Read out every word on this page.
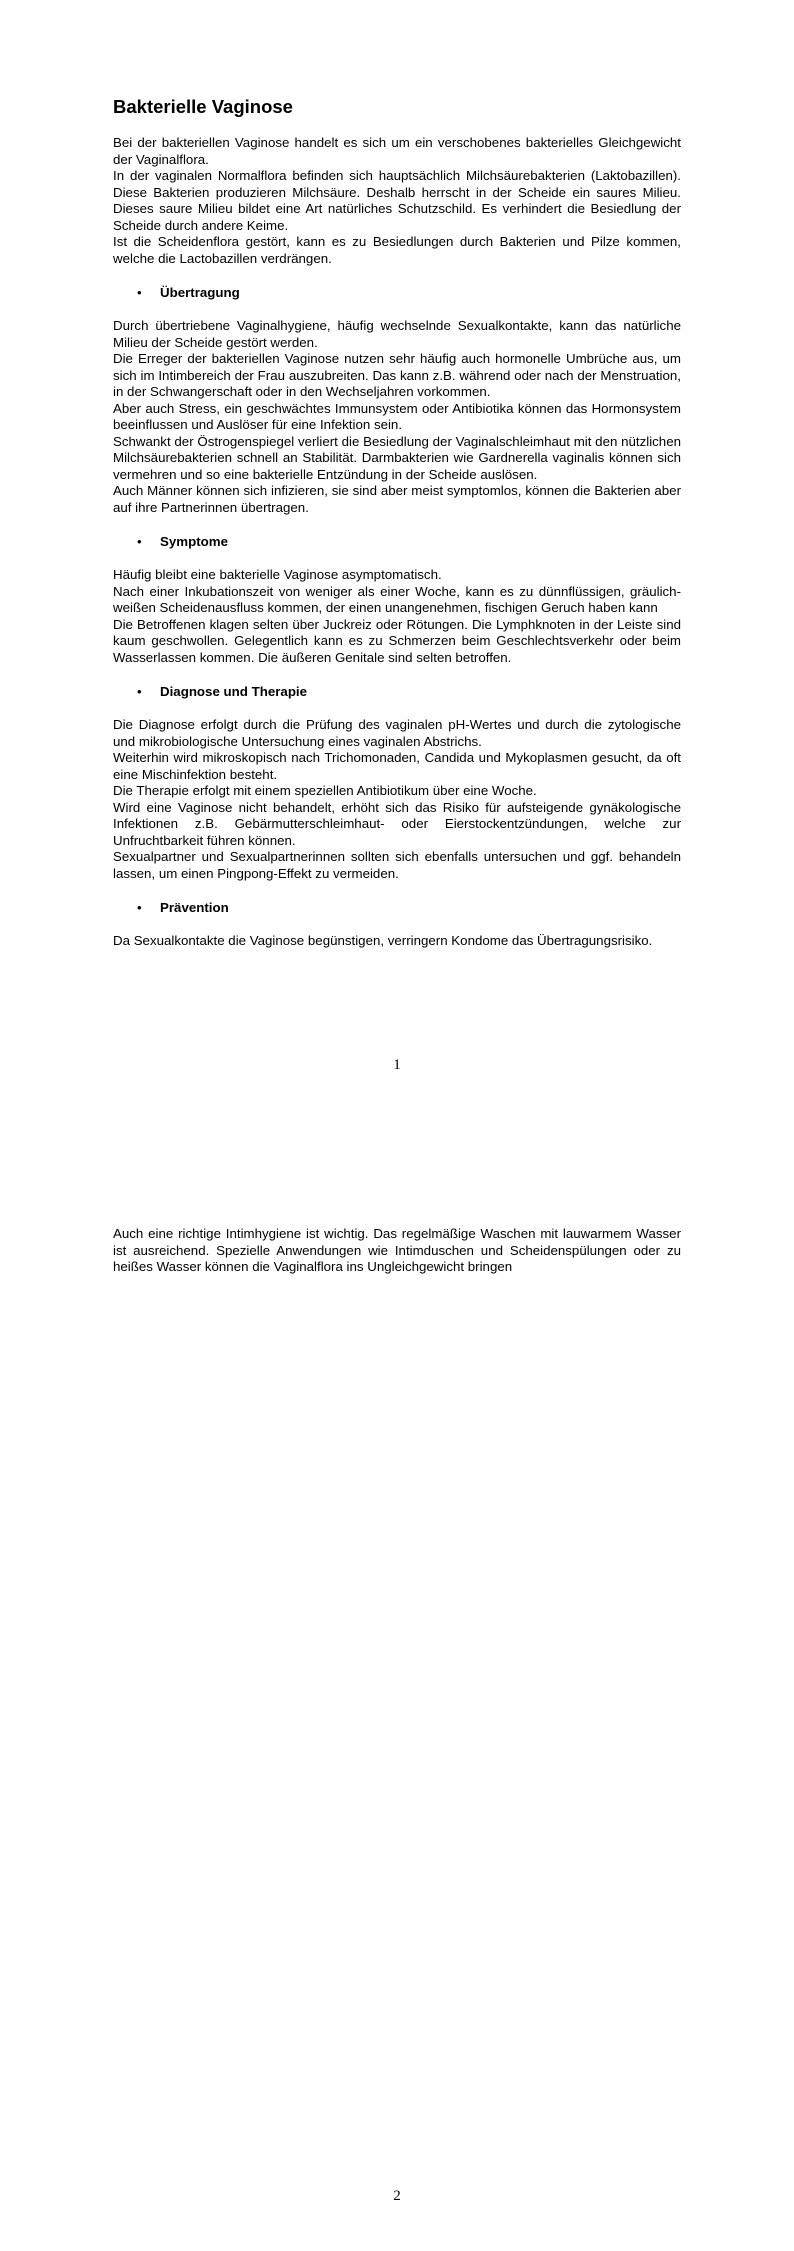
Bakterielle Vaginose

Bei der bakteriellen Vaginose handelt es sich um ein verschobenes bakterielles Gleichgewicht der Vaginalflora.

In der vaginalen Normalflora befinden sich hauptsächlich Milchsäurebakterien (Laktobazillen). Diese Bakterien produzieren Milchsäure. Deshalb herrscht in der Scheide ein saures Milieu. Dieses saure Milieu bildet eine Art natürliches Schutzschild. Es verhindert die Besiedlung der Scheide durch andere Keime.

Ist die Scheidenflora gestört, kann es zu Besiedlungen durch Bakterien und Pilze kommen, welche die Lactobazillen verdrängen.

• Übertragung

Durch übertriebene Vaginalhygiene, häufig wechselnde Sexualkontakte, kann das natürliche Milieu der Scheide gestört werden.

Die Erreger der bakteriellen Vaginose nutzen sehr häufig auch hormonelle Umbrüche aus, um sich im Intimbereich der Frau auszubreiten. Das kann z.B. während oder nach der Menstruation, in der Schwangerschaft oder in den Wechseljahren vorkommen.

Aber auch Stress, ein geschwächtes Immunsystem oder Antibiotika können das Hormonsystem beeinflussen und Auslöser für eine Infektion sein.

Schwankt der Östrogenspiegel verliert die Besiedlung der Vaginalschleimhaut mit den nützlichen Milchsäurebakterien schnell an Stabilität. Darmbakterien wie Gardnerella vaginalis können sich vermehren und so eine bakterielle Entzündung in der Scheide auslösen.

Auch Männer können sich infizieren, sie sind aber meist symptomlos, können die Bakterien aber auf ihre Partnerinnen übertragen.

• Symptome

Häufig bleibt eine bakterielle Vaginose asymptomatisch.

Nach einer Inkubationszeit von weniger als einer Woche, kann es zu dünnflüssigen, gräulich-weißen Scheidenausfluss kommen, der einen unangenehmen, fischigen Geruch haben kann

Die Betroffenen klagen selten über Juckreiz oder Rötungen. Die Lymphknoten in der Leiste sind kaum geschwollen. Gelegentlich kann es zu Schmerzen beim Geschlechtsverkehr oder beim Wasserlassen kommen. Die äußeren Genitale sind selten betroffen.

• Diagnose und Therapie

Die Diagnose erfolgt durch die Prüfung des vaginalen pH-Wertes und durch die zytologische und mikrobiologische Untersuchung eines vaginalen Abstrichs.

Weiterhin wird mikroskopisch nach Trichomonaden, Candida und Mykoplasmen gesucht, da oft eine Mischinfektion besteht.

Die Therapie erfolgt mit einem speziellen Antibiotikum über eine Woche.

Wird eine Vaginose nicht behandelt, erhöht sich das Risiko für aufsteigende gynäkologische Infektionen z.B. Gebärmutterschleimhaut- oder Eierstockentzündungen, welche zur Unfruchtbarkeit führen können.

Sexualpartner und Sexualpartnerinnen sollten sich ebenfalls untersuchen und ggf. behandeln lassen, um einen Pingpong-Effekt zu vermeiden.

• Prävention

Da Sexualkontakte die Vaginose begünstigen, verringern Kondome das Übertragungsrisiko.

1

Auch eine richtige Intimhygiene ist wichtig. Das regelmäßige Waschen mit lauwarmem Wasser ist ausreichend. Spezielle Anwendungen wie Intimduschen und Scheidenspülungen oder zu heißes Wasser können die Vaginalflora ins Ungleichgewicht bringen

2
